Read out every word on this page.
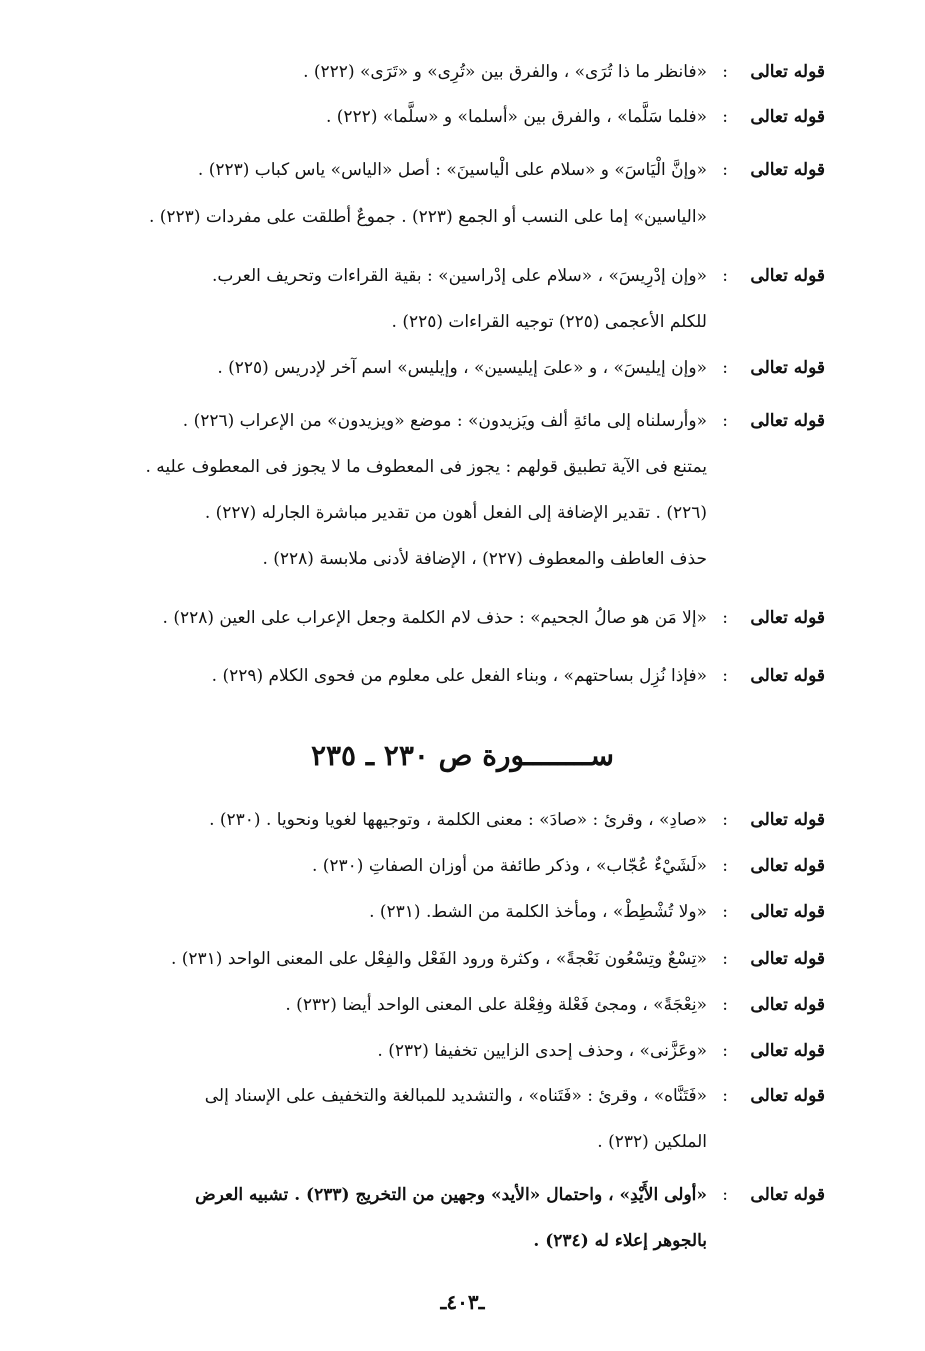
قوله تعالى
:
«فانظر ما ذا تُرَى» ، والفرق بين «تُرِى» و «تَرَى» (٢٢٢) .
قوله تعالى
:
«فلما سَلَّما» ، والفرق بين «أسلما» و «سلَّما» (٢٢٢) .
قوله تعالى
:
«وإنَّ الْيَاسَ» و «سلام على الْياسينَ» : أصل «الياس» ياس كباب (٢٢٣) .
«الياسين» إما على النسب أو الجمع (٢٢٣) . جموعٌ أطلقت على مفردات (٢٢٣) .
قوله تعالى
:
«وإن إدْرِيسَ» ، «سلام على إدْراسين» : بقية القراءات وتحريف العرب.
للكلم الأعجمى (٢٢٥) توجيه القراءات (٢٢٥) .
قوله تعالى
:
«وإن إيليسَ» ، و «علىَ إيليسين» ، وإيليس» اسم آخر لإدريس (٢٢٥) .
قوله تعالى
:
«وأرسلناه إلى مائةِ ألف ويَزيدون» : موضع «ويزيدون» من الإعراب (٢٢٦) .
يمتنع فى الآية تطبيق قولهم : يجوز فى المعطوف ما لا يجوز فى المعطوف عليه .
(٢٢٦) . تقدير الإضافة إلى الفعل أهون من تقدير مباشرة الجارله (٢٢٧) .
حذف العاطف والمعطوف (٢٢٧) ، الإضافة لأدنى ملابسة (٢٢٨) .
قوله تعالى
:
«إلا مَن هو صالُ الجحيم» : حذف لام الكلمة وجعل الإعراب على العين (٢٢٨) .
قوله تعالى
:
«فإذا نُزِل بساحتهم» ، وبناء الفعل على معلوم من فحوى الكلام (٢٢٩) .
ســــــــورة ص ٢٣٠ ـ ٢٣٥
قوله تعالى
:
«صادِ» ، وقرئ : «صادَ» : معنى الكلمة ، وتوجيهها لغويا ونحويا . (٢٣٠) .
قوله تعالى
:
«لَشَيْءٌ عُجّاب» ، وذكر طائفة من أوزان الصفاتِ (٢٣٠) .
قوله تعالى
:
«ولا تُشْطِطْ» ، ومأخذ الكلمة من الشط. (٢٣١) .
قوله تعالى
:
«تِسْعٌ وتِسْعُون نَعْجةً» ، وكثرة ورود الفَعْل والفِعْل على المعنى الواحد (٢٣١) .
قوله تعالى
:
«نِعْجَةً» ، ومجئ فَعْلة وفِعْلة على المعنى الواحد أيضا (٢٣٢) .
قوله تعالى
:
«وعَزَّنى» ، وحذف إحدى الزايين تخفيفا (٢٣٢) .
قوله تعالى
:
«فَتَنَّاه» ، وقرئ : «فَتَناه» ، والتشديد للمبالغة والتخفيف على الإسناد إلى
الملكين (٢٣٢) .
قوله تعالى
:
«أولى الأَيْدِ» ، واحتمال «الأيد» وجهين من التخريج (٢٣٣) . تشبيه العرض
بالجوهر إعلاء له (٢٣٤) .
ـ٤٠٣ـ
